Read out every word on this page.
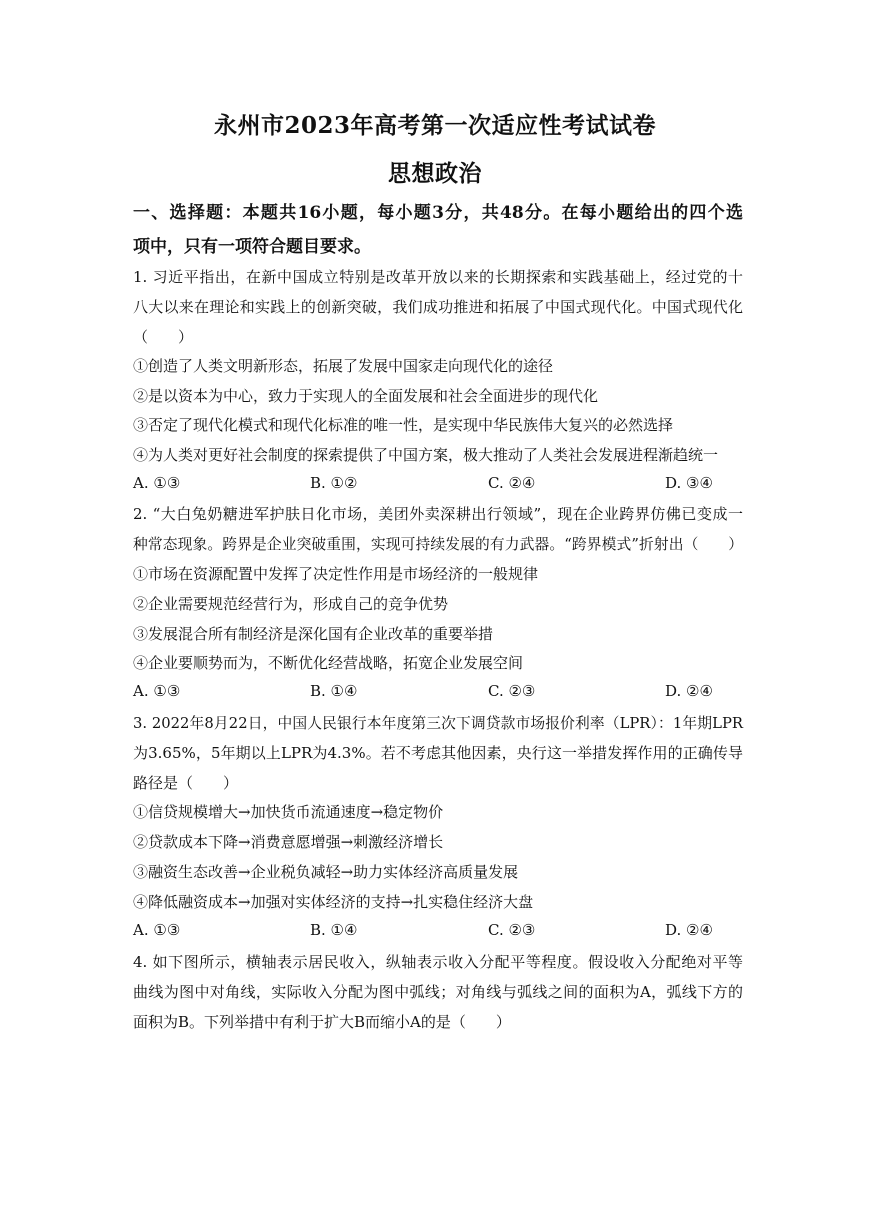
永州市2023年高考第一次适应性考试试卷
思想政治
一、选择题：本题共16小题，每小题3分，共48分。在每小题给出的四个选
项中，只有一项符合题目要求。
1. 习近平指出，在新中国成立特别是改革开放以来的长期探索和实践基础上，经过党的十
八大以来在理论和实践上的创新突破，我们成功推进和拓展了中国式现代化。中国式现代化
（　　）
①创造了人类文明新形态，拓展了发展中国家走向现代化的途径
②是以资本为中心，致力于实现人的全面发展和社会全面进步的现代化
③否定了现代化模式和现代化标准的唯一性，是实现中华民族伟大复兴的必然选择
④为人类对更好社会制度的探索提供了中国方案，极大推动了人类社会发展进程渐趋统一
A. ①③	B. ①②	C. ②④	D. ③④
2. “大白兔奶糖进军护肤日化市场，美团外卖深耕出行领域”，现在企业跨界仿佛已变成一
种常态现象。跨界是企业突破重围，实现可持续发展的有力武器。“跨界模式”折射出（　　）
①市场在资源配置中发挥了决定性作用是市场经济的一般规律
②企业需要规范经营行为，形成自己的竞争优势
③发展混合所有制经济是深化国有企业改革的重要举措
④企业要顺势而为，不断优化经营战略，拓宽企业发展空间
A. ①③	B. ①④	C. ②③	D. ②④
3. 2022年8月22日，中国人民银行本年度第三次下调贷款市场报价利率（LPR）：1年期LPR
为3.65%，5年期以上LPR为4.3%。若不考虑其他因素，央行这一举措发挥作用的正确传导
路径是（　　）
①信贷规模增大→加快货币流通速度→稳定物价
②贷款成本下降→消费意愿增强→刺激经济增长
③融资生态改善→企业税负减轻→助力实体经济高质量发展
④降低融资成本→加强对实体经济的支持→扎实稳住经济大盘
A. ①③	B. ①④	C. ②③	D. ②④
4. 如下图所示，横轴表示居民收入，纵轴表示收入分配平等程度。假设收入分配绝对平等
曲线为图中对角线，实际收入分配为图中弧线；对角线与弧线之间的面积为A，弧线下方的
面积为B。下列举措中有利于扩大B而缩小A的是（　　）
